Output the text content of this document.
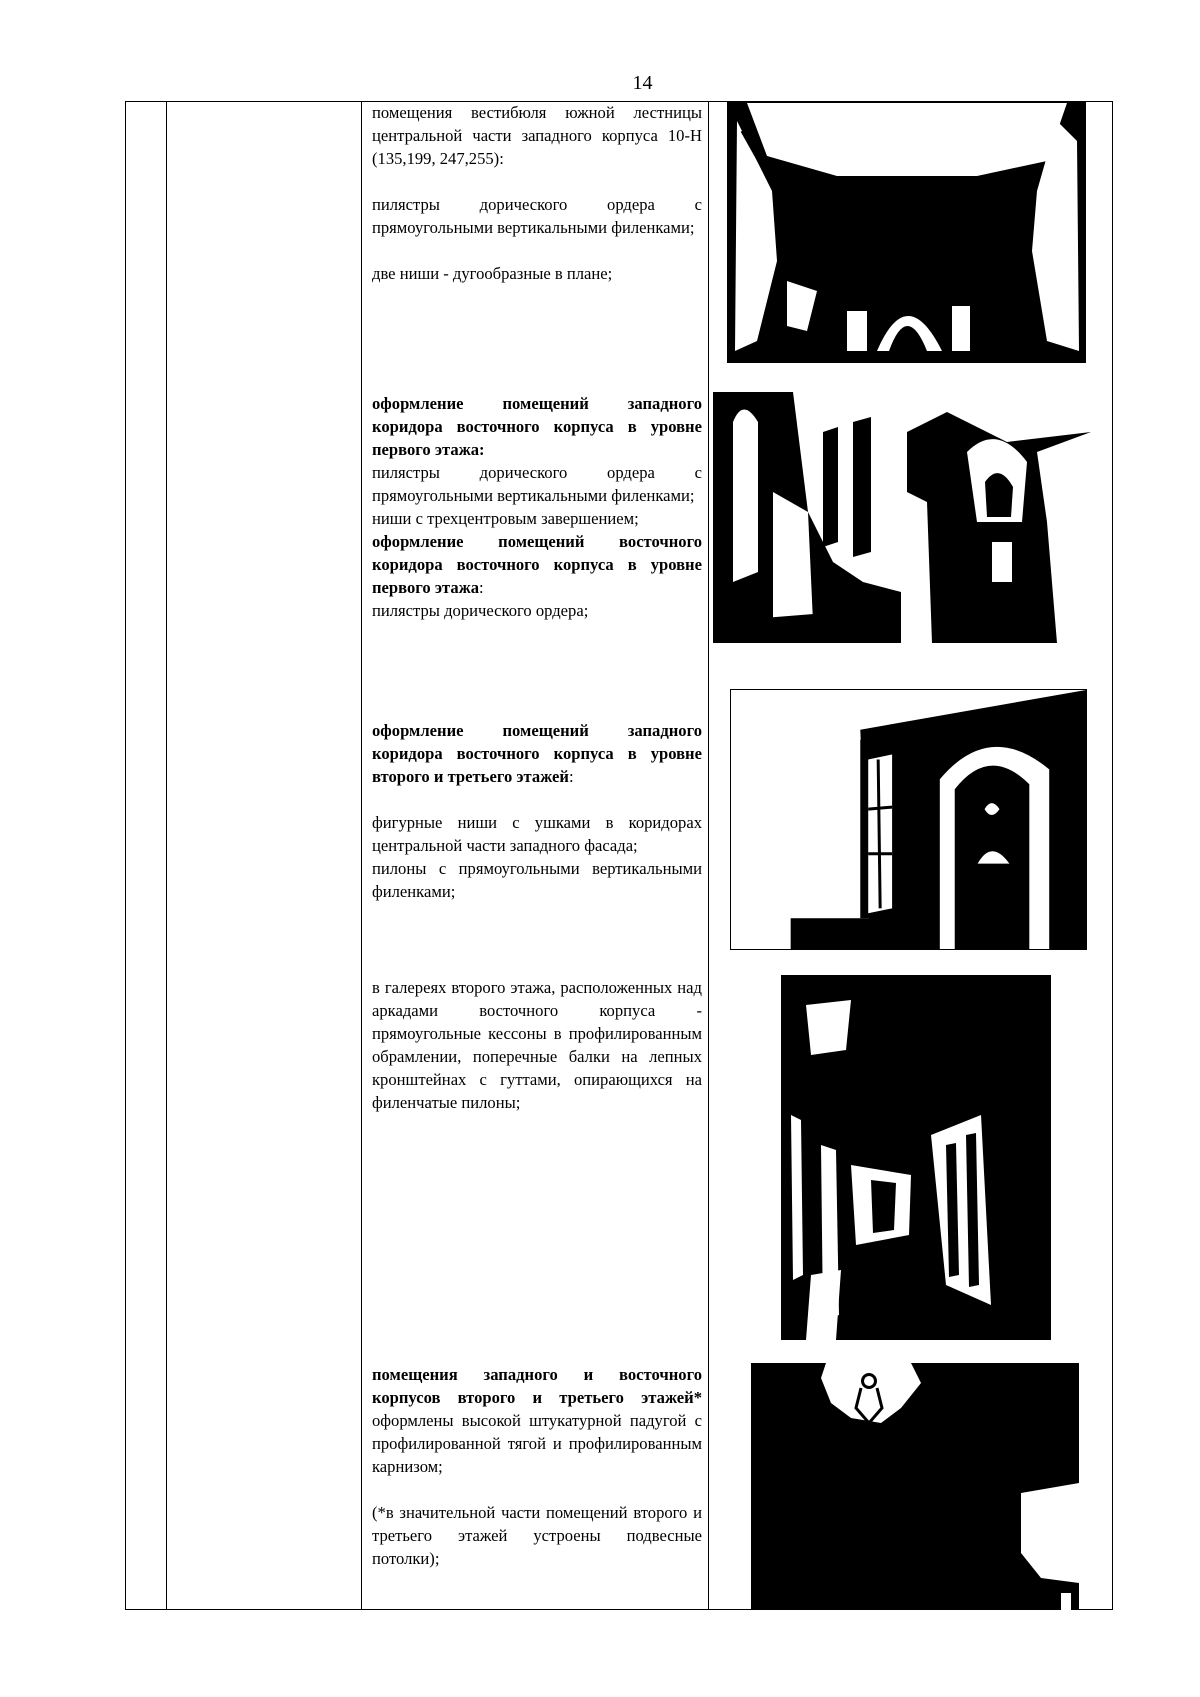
14

помещения вестибюля южной лестницы центральной части западного корпуса 10-Н (135,199, 247,255):

пилястры дорического ордера с прямоугольными вертикальными филенками;

две ниши - дугообразные в плане;

оформление помещений западного коридора восточного корпуса в уровне первого этажа:

пилястры дорического ордера с прямоугольными вертикальными филенками;

ниши с трехцентровым завершением;

оформление помещений восточного коридора восточного корпуса в уровне первого этажа:

пилястры дорического ордера;

оформление помещений западного коридора восточного корпуса в уровне второго и третьего этажей:

фигурные ниши с ушками в коридорах центральной части западного фасада;

пилоны с прямоугольными вертикальными филенками;

в галереях второго этажа, расположенных над аркадами восточного корпуса - прямоугольные кессоны в профилированным обрамлении, поперечные балки на лепных кронштейнах с гуттами, опирающихся на филенчатые пилоны;

помещения западного и восточного корпусов второго и третьего этажей* оформлены высокой штукатурной падугой с профилированной тягой и профилированным карнизом;

(*в значительной части помещений второго и третьего этажей устроены подвесные потолки);
